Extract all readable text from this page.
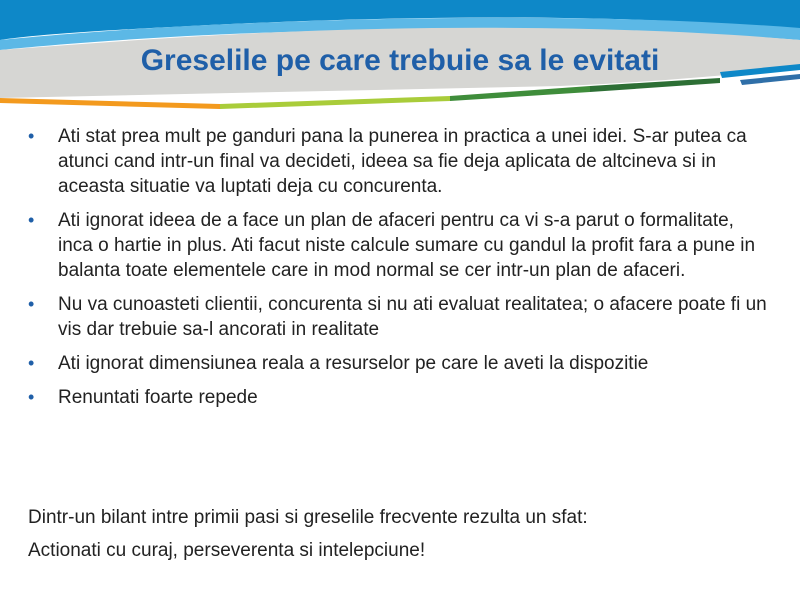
Greselile pe care trebuie sa le evitati
• Ati stat prea mult pe ganduri pana la punerea in practica a unei idei. S-ar putea ca atunci cand intr-un final va decideti, ideea sa fie deja aplicata de altcineva si in aceasta situatie va luptati deja cu concurenta.
• Ati ignorat ideea de a face un plan de afaceri pentru ca vi s-a parut o formalitate, inca o hartie in plus. Ati facut niste calcule sumare cu gandul la profit fara a pune in balanta toate elementele care in mod normal se cer intr-un plan de afaceri.
• Nu va cunoasteti clientii, concurenta si nu ati evaluat realitatea; o afacere poate fi un vis dar trebuie sa-l ancorati in realitate
• Ati ignorat dimensiunea reala a resurselor pe care le aveti la dispozitie
• Renuntati foarte repede

Dintr-un bilant intre primii pasi si greselile frecvente rezulta un sfat:

Actionati cu curaj, perseverenta si intelepciune!
